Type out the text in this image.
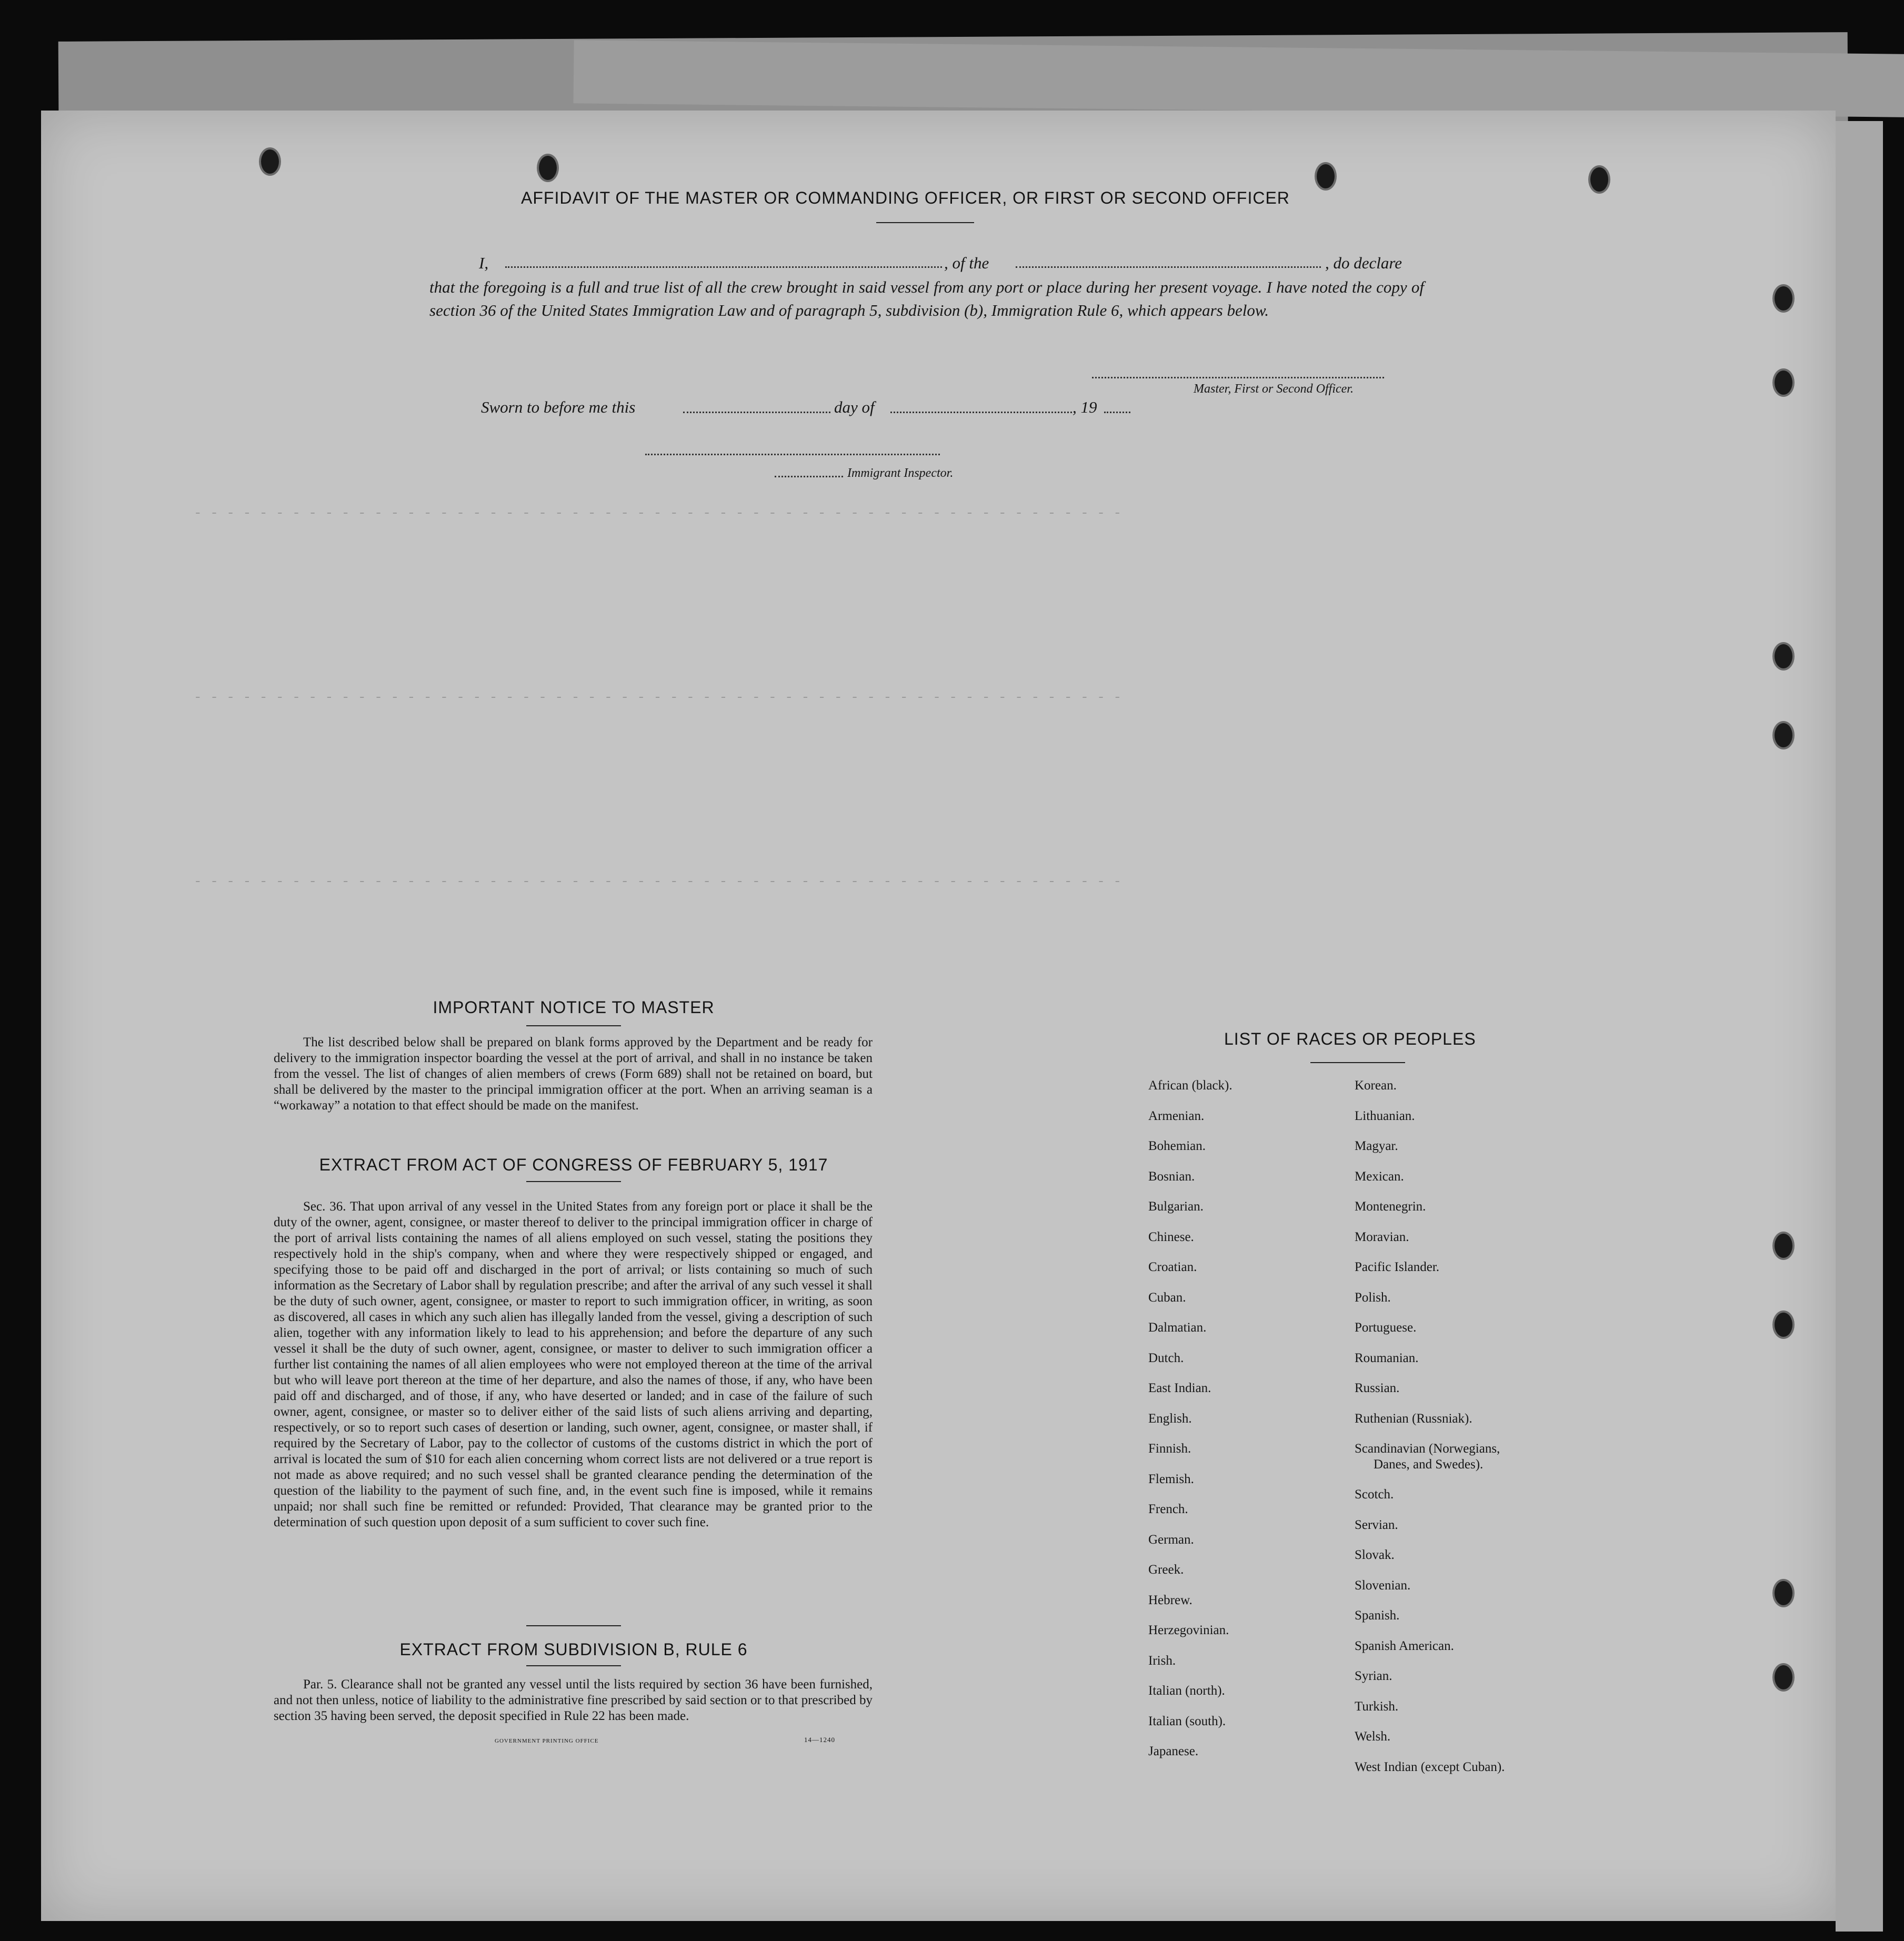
- - - - - - - - - - - - - - - - - - - - - - - - - - - - - - - - - - - - - - - - - - - - - - - - - - - - - - - - -
- - - - - - - - - - - - - - - - - - - - - - - - - - - - - - - - - - - - - - - - - - - - - - - - - - - - - - - - -
- - - - - - - - - - - - - - - - - - - - - - - - - - - - - - - - - - - - - - - - - - - - - - - - - - - - - - - - -
AFFIDAVIT OF THE MASTER OR COMMANDING OFFICER, OR FIRST OR SECOND OFFICER
I,	, of the	, do declare
that the foregoing is a full and true list of all the crew brought in said vessel from any port or place during her present voyage. I have noted the copy of section 36 of the United States Immigration Law and of paragraph 5, subdivision (b), Immigration Rule 6, which appears below.
Master, First or Second Officer.
Sworn to before me this	day of	, 19
Immigrant Inspector.
IMPORTANT NOTICE TO MASTER
The list described below shall be prepared on blank forms approved by the Department and be ready for delivery to the immigration inspector boarding the vessel at the port of arrival, and shall in no instance be taken from the vessel. The list of changes of alien members of crews (Form 689) shall not be retained on board, but shall be delivered by the master to the principal immigration officer at the port. When an arriving seaman is a “workaway” a notation to that effect should be made on the manifest.
EXTRACT FROM ACT OF CONGRESS OF FEBRUARY 5, 1917
Sec. 36. That upon arrival of any vessel in the United States from any foreign port or place it shall be the duty of the owner, agent, consignee, or master thereof to deliver to the principal immigration officer in charge of the port of arrival lists containing the names of all aliens employed on such vessel, stating the positions they respectively hold in the ship's company, when and where they were respectively shipped or engaged, and specifying those to be paid off and discharged in the port of arrival; or lists containing so much of such information as the Secretary of Labor shall by regulation prescribe; and after the arrival of any such vessel it shall be the duty of such owner, agent, consignee, or master to report to such immigration officer, in writing, as soon as discovered, all cases in which any such alien has illegally landed from the vessel, giving a description of such alien, together with any information likely to lead to his apprehension; and before the departure of any such vessel it shall be the duty of such owner, agent, consignee, or master to deliver to such immigration officer a further list containing the names of all alien employees who were not employed thereon at the time of the arrival but who will leave port thereon at the time of her departure, and also the names of those, if any, who have been paid off and discharged, and of those, if any, who have deserted or landed; and in case of the failure of such owner, agent, consignee, or master so to deliver either of the said lists of such aliens arriving and departing, respectively, or so to report such cases of desertion or landing, such owner, agent, consignee, or master shall, if required by the Secretary of Labor, pay to the collector of customs of the customs district in which the port of arrival is located the sum of $10 for each alien concerning whom correct lists are not delivered or a true report is not made as above required; and no such vessel shall be granted clearance pending the determination of the question of the liability to the payment of such fine, and, in the event such fine is imposed, while it remains unpaid; nor shall such fine be remitted or refunded: Provided, That clearance may be granted prior to the determination of such question upon deposit of a sum sufficient to cover such fine.
EXTRACT FROM SUBDIVISION B, RULE 6
Par. 5. Clearance shall not be granted any vessel until the lists required by section 36 have been furnished, and not then unless, notice of liability to the administrative fine prescribed by said section or to that prescribed by section 35 having been served, the deposit specified in Rule 22 has been made.
GOVERNMENT PRINTING OFFICE	14—1240
LIST OF RACES OR PEOPLES
African (black).
Armenian.
Bohemian.
Bosnian.
Bulgarian.
Chinese.
Croatian.
Cuban.
Dalmatian.
Dutch.
East Indian.
English.
Finnish.
Flemish.
French.
German.
Greek.
Hebrew.
Herzegovinian.
Irish.
Italian (north).
Italian (south).
Japanese.
Korean.
Lithuanian.
Magyar.
Mexican.
Montenegrin.
Moravian.
Pacific Islander.
Polish.
Portuguese.
Roumanian.
Russian.
Ruthenian (Russniak).
Scandinavian (Norwegians,
Danes, and Swedes).
Scotch.
Servian.
Slovak.
Slovenian.
Spanish.
Spanish American.
Syrian.
Turkish.
Welsh.
West Indian (except Cuban).
